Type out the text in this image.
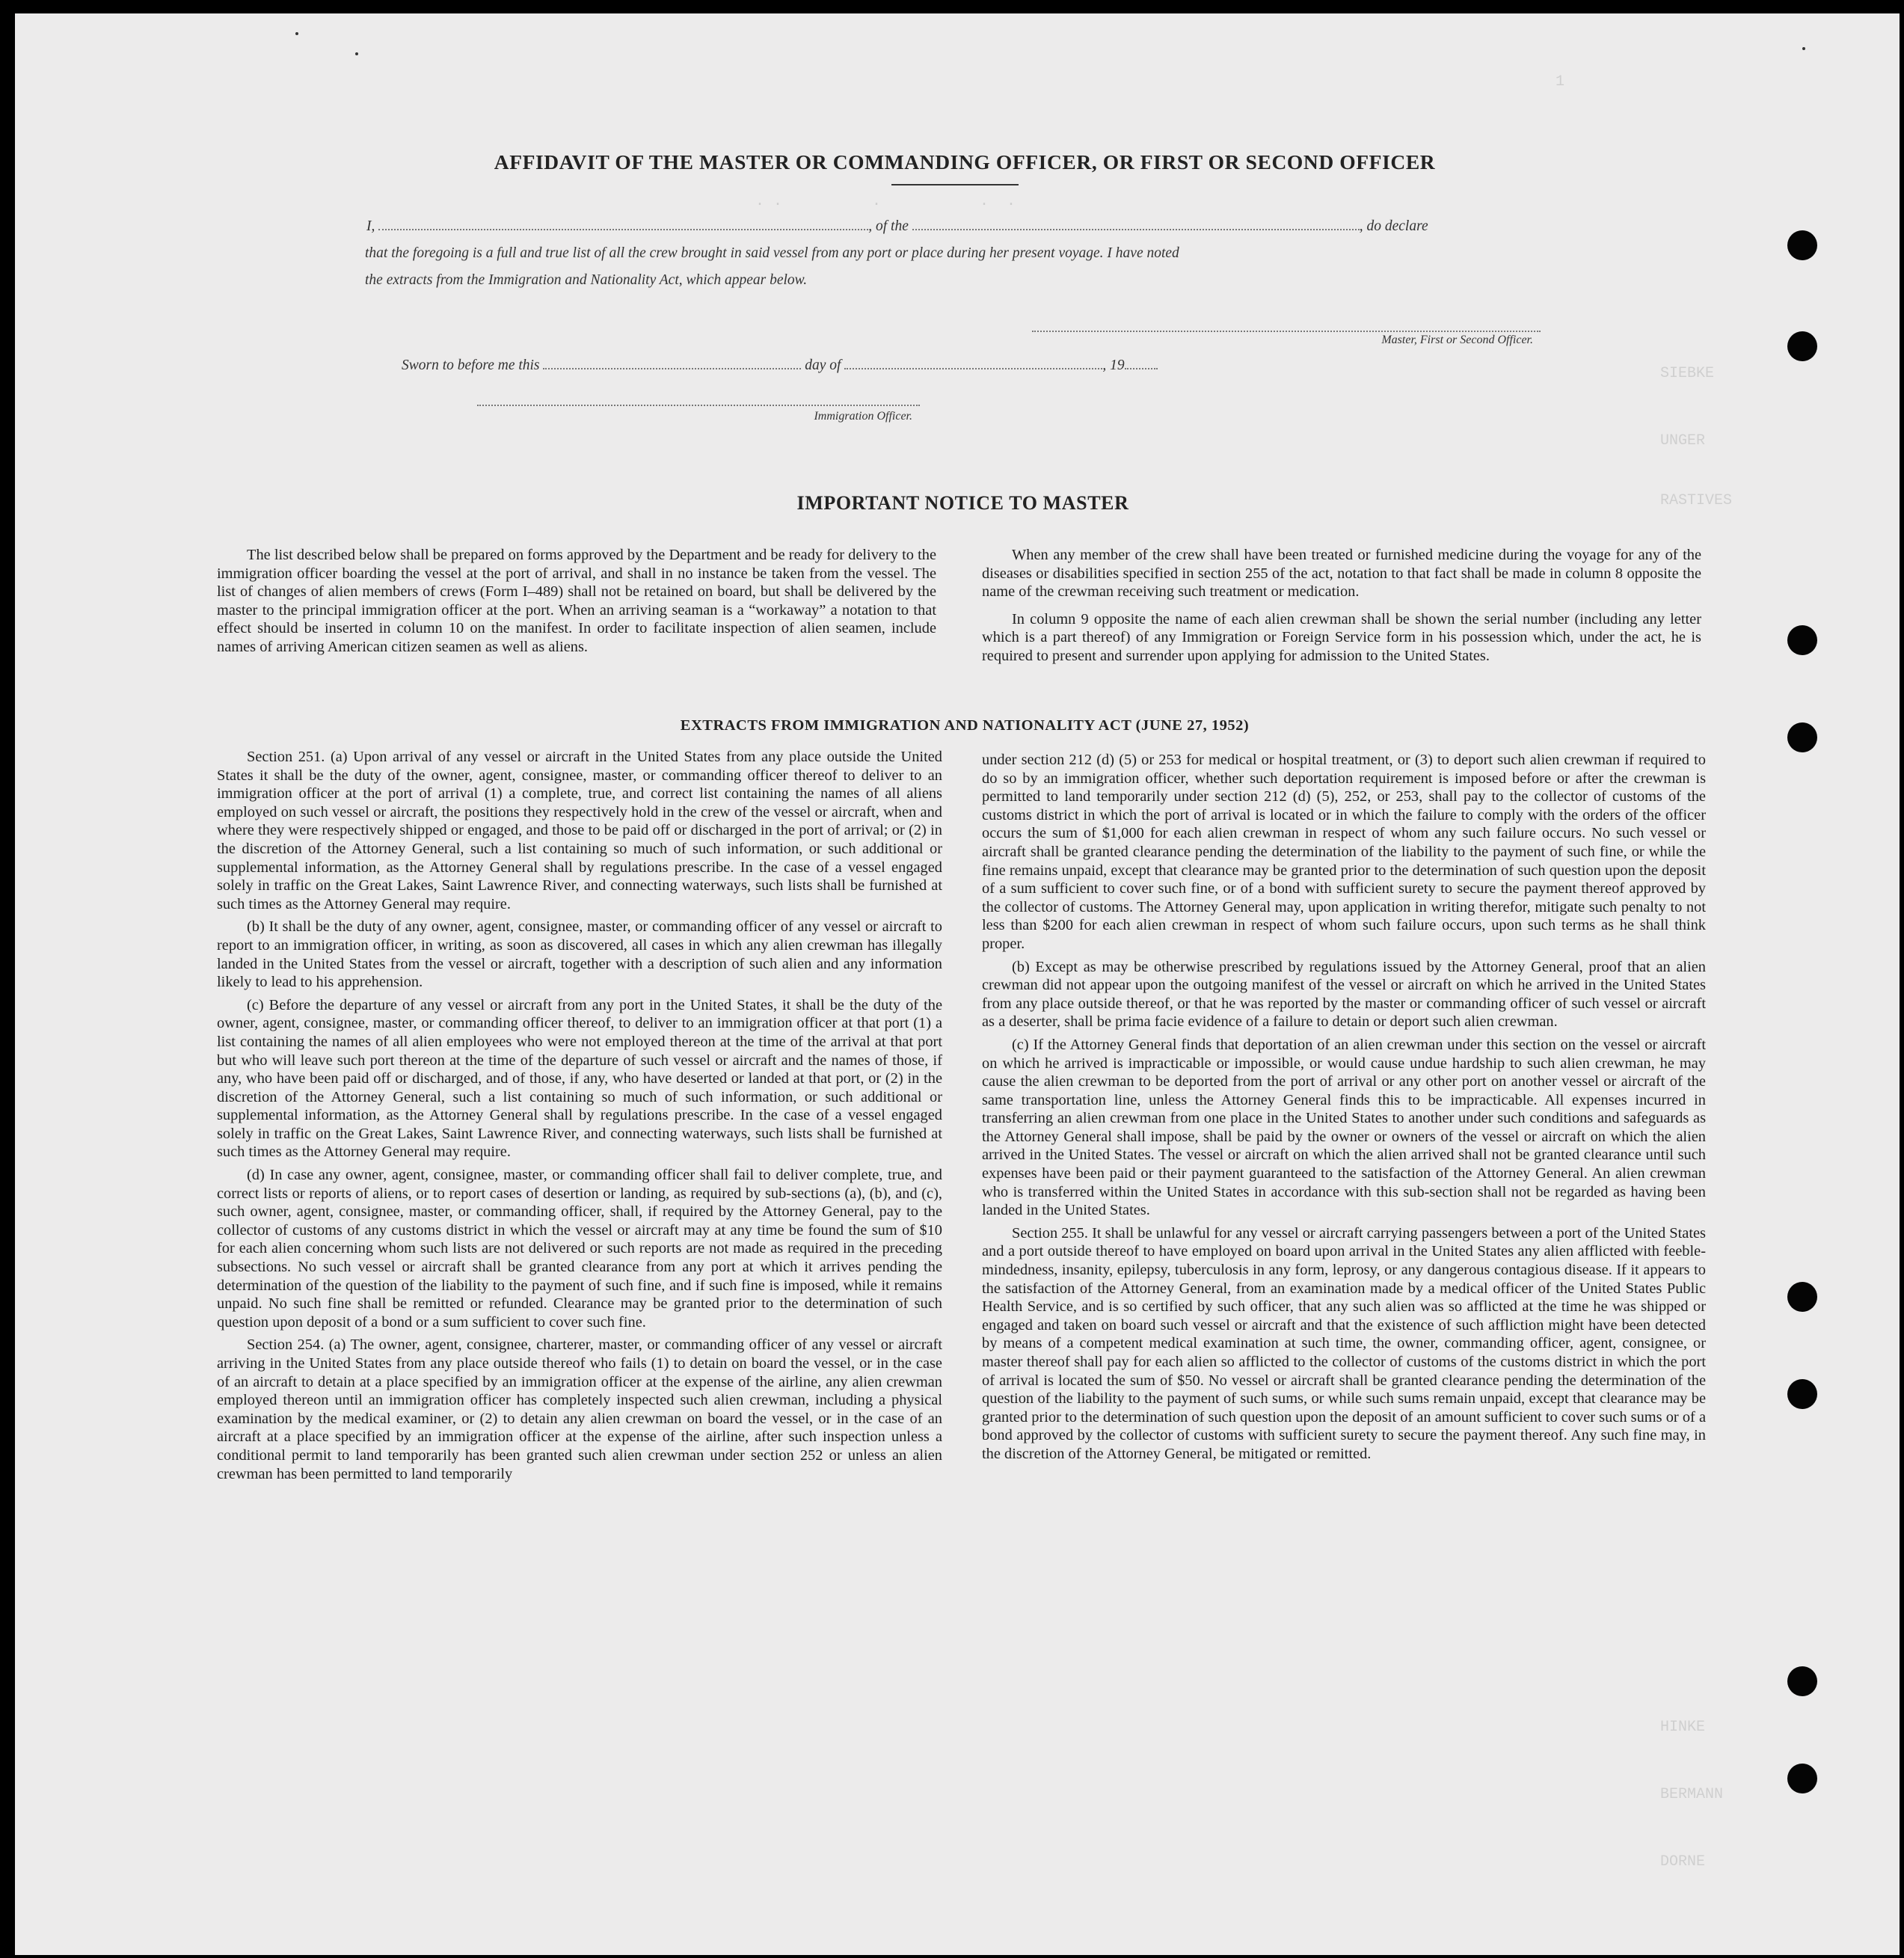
1
. .          .           .  .
SIEBKE
UNGER
RASTIVES
HINKE
BERMANN
DORNE
AFFIDAVIT OF THE MASTER OR COMMANDING OFFICER, OR FIRST OR SECOND OFFICER
I,	, of the	, do declare
that the foregoing is a full and true list of all the crew brought in said vessel from any port or place during her present voyage. I have noted
the extracts from the Immigration and Nationality Act, which appear below.
Master, First or Second Officer.
Sworn to before me this	day of	, 19
Immigration Officer.
IMPORTANT NOTICE TO MASTER

The list described below shall be prepared on forms approved by the Department and be ready for delivery to the immigration officer boarding the vessel at the port of arrival, and shall in no instance be taken from the vessel. The list of changes of alien members of crews (Form I–489) shall not be retained on board, but shall be delivered by the master to the principal immigration officer at the port. When an arriving seaman is a “workaway” a notation to that effect should be inserted in column 10 on the manifest. In order to facilitate inspection of alien seamen, include names of arriving American citizen seamen as well as aliens.

When any member of the crew shall have been treated or furnished medicine during the voyage for any of the diseases or disabilities specified in section 255 of the act, notation to that fact shall be made in column 8 opposite the name of the crewman receiving such treatment or medication.

In column 9 opposite the name of each alien crewman shall be shown the serial number (including any letter which is a part thereof) of any Immigration or Foreign Service form in his possession which, under the act, he is required to present and surrender upon applying for admission to the United States.

EXTRACTS FROM IMMIGRATION AND NATIONALITY ACT (JUNE 27, 1952)

Section 251. (a) Upon arrival of any vessel or aircraft in the United States from any place outside the United States it shall be the duty of the owner, agent, consignee, master, or commanding officer thereof to deliver to an immigration officer at the port of arrival (1) a complete, true, and correct list containing the names of all aliens employed on such vessel or aircraft, the positions they respectively hold in the crew of the vessel or aircraft, when and where they were respectively shipped or engaged, and those to be paid off or discharged in the port of arrival; or (2) in the discretion of the Attorney General, such a list containing so much of such information, or such additional or supplemental information, as the Attorney General shall by regulations prescribe. In the case of a vessel engaged solely in traffic on the Great Lakes, Saint Lawrence River, and connecting waterways, such lists shall be furnished at such times as the Attorney General may require.

(b) It shall be the duty of any owner, agent, consignee, master, or commanding officer of any vessel or aircraft to report to an immigration officer, in writing, as soon as discovered, all cases in which any alien crewman has illegally landed in the United States from the vessel or aircraft, together with a description of such alien and any information likely to lead to his apprehension.

(c) Before the departure of any vessel or aircraft from any port in the United States, it shall be the duty of the owner, agent, consignee, master, or commanding officer thereof, to deliver to an immigration officer at that port (1) a list containing the names of all alien employees who were not employed thereon at the time of the arrival at that port but who will leave such port thereon at the time of the departure of such vessel or aircraft and the names of those, if any, who have been paid off or discharged, and of those, if any, who have deserted or landed at that port, or (2) in the discretion of the Attorney General, such a list containing so much of such information, or such additional or supplemental information, as the Attorney General shall by regulations prescribe. In the case of a vessel engaged solely in traffic on the Great Lakes, Saint Lawrence River, and connecting waterways, such lists shall be furnished at such times as the Attorney General may require.

(d) In case any owner, agent, consignee, master, or commanding officer shall fail to deliver complete, true, and correct lists or reports of aliens, or to report cases of desertion or landing, as required by sub-sections (a), (b), and (c), such owner, agent, consignee, master, or commanding officer, shall, if required by the Attorney General, pay to the collector of customs of any customs district in which the vessel or aircraft may at any time be found the sum of $10 for each alien concerning whom such lists are not delivered or such reports are not made as required in the preceding subsections. No such vessel or aircraft shall be granted clearance from any port at which it arrives pending the determination of the question of the liability to the payment of such fine, and if such fine is imposed, while it remains unpaid. No such fine shall be remitted or refunded. Clearance may be granted prior to the determination of such question upon deposit of a bond or a sum sufficient to cover such fine.

Section 254. (a) The owner, agent, consignee, charterer, master, or commanding officer of any vessel or aircraft arriving in the United States from any place outside thereof who fails (1) to detain on board the vessel, or in the case of an aircraft to detain at a place specified by an immigration officer at the expense of the airline, any alien crewman employed thereon until an immigration officer has completely inspected such alien crewman, including a physical examination by the medical examiner, or (2) to detain any alien crewman on board the vessel, or in the case of an aircraft at a place specified by an immigration officer at the expense of the airline, after such inspection unless a conditional permit to land temporarily has been granted such alien crewman under section 252 or unless an alien crewman has been permitted to land temporarily

under section 212 (d) (5) or 253 for medical or hospital treatment, or (3) to deport such alien crewman if required to do so by an immigration officer, whether such deportation requirement is imposed before or after the crewman is permitted to land temporarily under section 212 (d) (5), 252, or 253, shall pay to the collector of customs of the customs district in which the port of arrival is located or in which the failure to comply with the orders of the officer occurs the sum of $1,000 for each alien crewman in respect of whom any such failure occurs. No such vessel or aircraft shall be granted clearance pending the determination of the liability to the payment of such fine, or while the fine remains unpaid, except that clearance may be granted prior to the determination of such question upon the deposit of a sum sufficient to cover such fine, or of a bond with sufficient surety to secure the payment thereof approved by the collector of customs. The Attorney General may, upon application in writing therefor, mitigate such penalty to not less than $200 for each alien crewman in respect of whom such failure occurs, upon such terms as he shall think proper.

(b) Except as may be otherwise prescribed by regulations issued by the Attorney General, proof that an alien crewman did not appear upon the outgoing manifest of the vessel or aircraft on which he arrived in the United States from any place outside thereof, or that he was reported by the master or commanding officer of such vessel or aircraft as a deserter, shall be prima facie evidence of a failure to detain or deport such alien crewman.

(c) If the Attorney General finds that deportation of an alien crewman under this section on the vessel or aircraft on which he arrived is impracticable or impossible, or would cause undue hardship to such alien crewman, he may cause the alien crewman to be deported from the port of arrival or any other port on another vessel or aircraft of the same transportation line, unless the Attorney General finds this to be impracticable. All expenses incurred in transferring an alien crewman from one place in the United States to another under such conditions and safeguards as the Attorney General shall impose, shall be paid by the owner or owners of the vessel or aircraft on which the alien arrived in the United States. The vessel or aircraft on which the alien arrived shall not be granted clearance until such expenses have been paid or their payment guaranteed to the satisfaction of the Attorney General. An alien crewman who is transferred within the United States in accordance with this sub-section shall not be regarded as having been landed in the United States.

Section 255. It shall be unlawful for any vessel or aircraft carrying passengers between a port of the United States and a port outside thereof to have employed on board upon arrival in the United States any alien afflicted with feeble-mindedness, insanity, epilepsy, tuberculosis in any form, leprosy, or any dangerous contagious disease. If it appears to the satisfaction of the Attorney General, from an examination made by a medical officer of the United States Public Health Service, and is so certified by such officer, that any such alien was so afflicted at the time he was shipped or engaged and taken on board such vessel or aircraft and that the existence of such affliction might have been detected by means of a competent medical examination at such time, the owner, commanding officer, agent, consignee, or master thereof shall pay for each alien so afflicted to the collector of customs of the customs district in which the port of arrival is located the sum of $50. No vessel or aircraft shall be granted clearance pending the determination of the question of the liability to the payment of such sums, or while such sums remain unpaid, except that clearance may be granted prior to the determination of such question upon the deposit of an amount sufficient to cover such sums or of a bond approved by the collector of customs with sufficient surety to secure the payment thereof. Any such fine may, in the discretion of the Attorney General, be mitigated or remitted.
